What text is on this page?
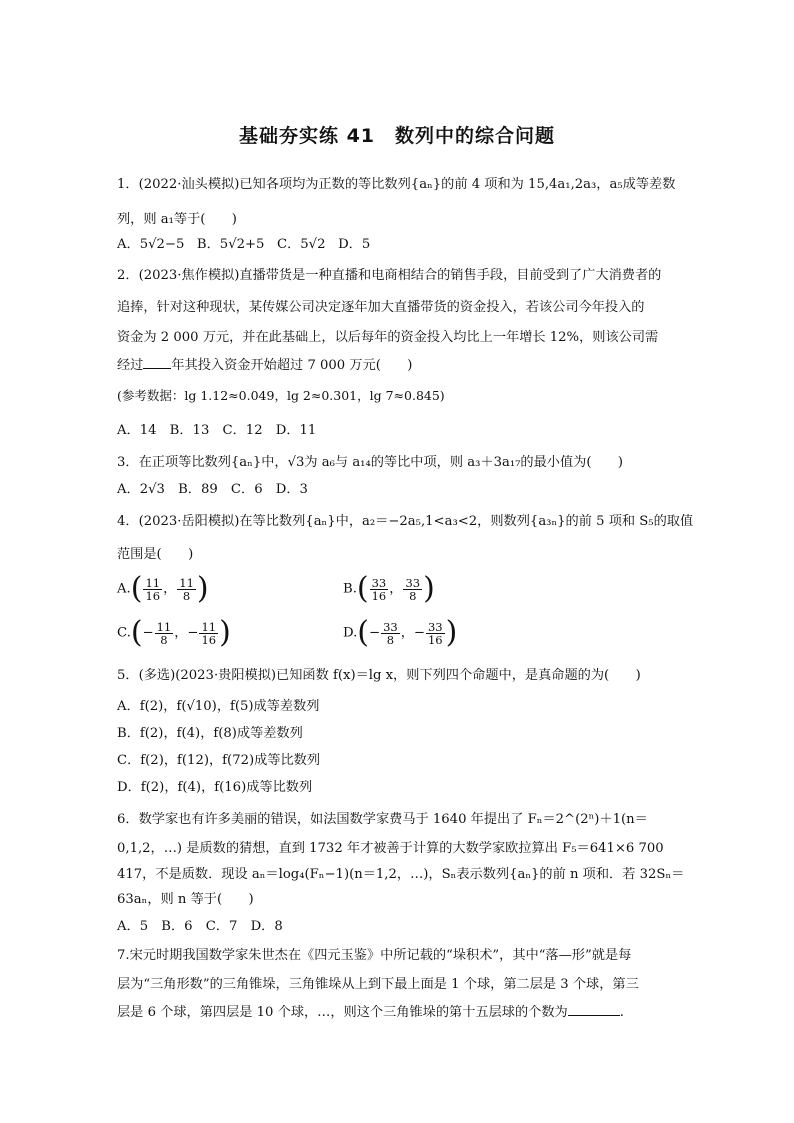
基础夯实练 41　数列中的综合问题
1．(2022·汕头模拟)已知各项均为正数的等比数列{aₙ}的前 4 项和为 15,4a₁,2a₃，a₅成等差数
列，则 a₁等于(　　)
A．5√2−5 B．5√2+5 C．5√2 D．5
2．(2023·焦作模拟)直播带货是一种直播和电商相结合的销售手段，目前受到了广大消费者的
追捧，针对这种现状，某传媒公司决定逐年加大直播带货的资金投入，若该公司今年投入的
资金为 2 000 万元，并在此基础上，以后每年的资金投入均比上一年增长 12%，则该公司需
经过 年其投入资金开始超过 7 000 万元(　　)
(参考数据：lg 1.12≈0.049，lg 2≈0.301，lg 7≈0.845)
A．14　B．13　C．12　D．11
3．在正项等比数列{aₙ}中，√3为 a₆与 a₁₄的等比中项，则 a₃＋3a₁₇的最小值为(　　)
A．2√3　B．89　C．6　D．3
4．(2023·岳阳模拟)在等比数列{aₙ}中，a₂＝−2a₅,1<a₃<2，则数列{a₃ₙ}的前 5 项和 S₅的取值
范围是(　　)
$A.( \frac{11}{16}$ ， $\frac{11}{8}$ )	$B.( \frac{33}{16}$ ， $\frac{33}{8}$ )
$C.(- \frac{11}{8}$ ，− $\frac{11}{16}$ )	$D.(- \frac{33}{8}$ ，− $\frac{33}{16}$ )
5．(多选)(2023·贵阳模拟)已知函数 f(x)＝lg x，则下列四个命题中，是真命题的为(　　)
A．f(2)，f(√10)，f(5)成等差数列
B．f(2)，f(4)，f(8)成等差数列
C．f(2)，f(12)，f(72)成等比数列
D．f(2)，f(4)，f(16)成等比数列
6．数学家也有许多美丽的错误，如法国数学家费马于 1640 年提出了 Fₙ＝2^(2ⁿ)＋1(n＝
0,1,2，…) 是质数的猜想，直到 1732 年才被善于计算的大数学家欧拉算出 F₅＝641×6 700
417，不是质数．现设 aₙ＝log₄(Fₙ−1)(n＝1,2，…)，Sₙ表示数列{aₙ}的前 n 项和．若 32Sₙ＝
63aₙ，则 n 等于(　　)
A．5　B．6　C．7　D．8
7.宋元时期我国数学家朱世杰在《四元玉鉴》中所记载的“垛积术”，其中“落—形”就是每
层为“三角形数”的三角锥垛，三角锥垛从上到下最上面是 1 个球，第二层是 3 个球，第三
层是 6 个球，第四层是 10 个球，…，则这个三角锥垛的第十五层球的个数为	.
